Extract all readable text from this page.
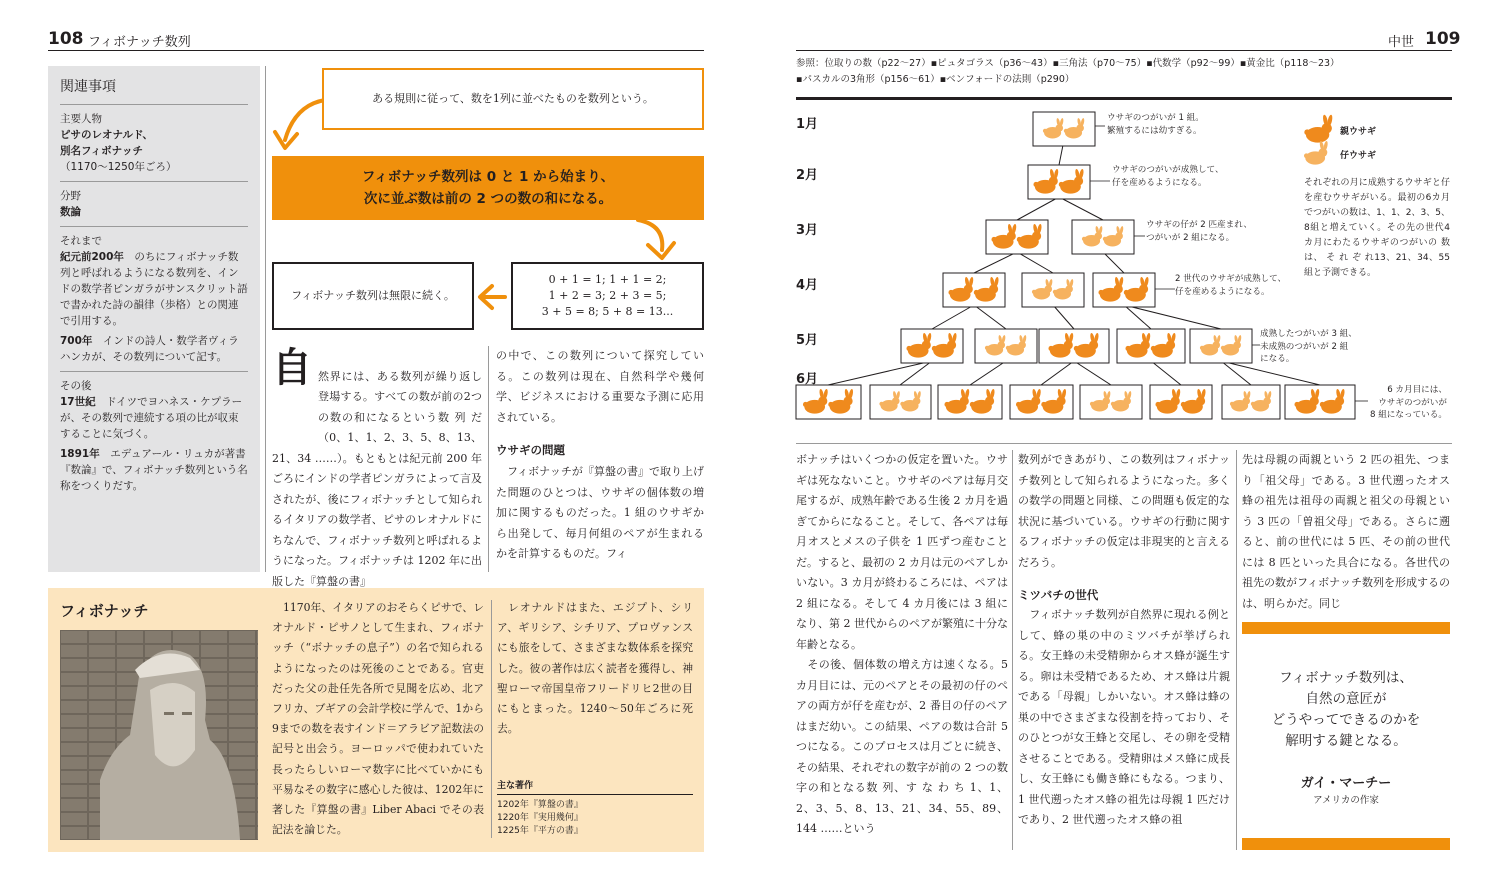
108 フィボナッチ数列
関連事項
主要人物
ピサのレオナルド、
別名フィボナッチ
（1170～1250年ごろ）
分野
数論
それまで
紀元前200年　のちにフィボナッチ数列と呼ばれるようになる数列を、インドの数学者ピンガラがサンスクリット語で書かれた詩の韻律（歩格）との関連で引用する。
700年　インドの詩人・数学者ヴィラハンカが、その数列について記す。
その後
17世紀　ドイツでヨハネス・ケプラーが、その数列で連続する項の比が収束することに気づく。
1891年　エデュアール・リュカが著書『数論』で、フィボナッチ数列という名称をつくりだす。
ある規則に従って、数を1列に並べたものを数列という。
フィボナッチ数列は 0 と 1 から始まり、
次に並ぶ数は前の 2 つの数の和になる。
0 + 1 = 1; 1 + 1 = 2;
1 + 2 = 3; 2 + 3 = 5;
3 + 5 = 8; 5 + 8 = 13...
フィボナッチ数列は無限に続く。
自 然界には、ある数列が繰り返し登場する。すべての数が前の2つの数の和になるという数 列 だ（0、1、1、2、3、5、8、13、21、34 ……）。もともとは紀元前 200 年ごろにインドの学者ピンガラによって言及されたが、後にフィボナッチとして知られるイタリアの数学者、ピサのレオナルドにちなんで、フィボナッチ数列と呼ばれるようになった。フィボナッチは 1202 年に出版した『算盤の書』

の中で、この数列について探究している。この数列は現在、自然科学や幾何学、ビジネスにおける重要な予測に応用されている。
ウサギの問題
フィボナッチが『算盤の書』で取り上げた問題のひとつは、ウサギの個体数の増加に関するものだった。1 組のウサギから出発して、毎月何組のペアが生まれるかを計算するものだ。フィ
フィボナッチ	1170年、イタリアのおそらくピサで、レオナルド・ピサノとして生まれ、フィボナッチ（“ボナッチの息子”）の名で知られるようになったのは死後のことである。官吏だった父の赴任先各所で見聞を広め、北アフリカ、ブギアの会計学校に学んで、1から9までの数を表すインド＝アラビア記数法の記号と出会う。ヨーロッパで使われていた長ったらしいローマ数字に比べていかにも平易なその数字に感心した彼は、1202年に著した『算盤の書』Liber Abaci でその表記法を論じた。
レオナルドはまた、エジプト、シリア、ギリシア、シチリア、プロヴァンスにも旅をして、さまざまな数体系を探究した。彼の著作は広く読者を獲得し、神聖ローマ帝国皇帝フリードリヒ2世の目にもとまった。1240～50年ごろに死去。
主な著作
1202年『算盤の書』
1220年『実用幾何』
1225年『平方の書』
中世 109
参照：位取りの数（p22～27）▪ピュタゴラス（p36～43）▪三角法（p70～75）▪代数学（p92～99）▪黄金比（p118～23）
▪パスカルの3角形（p156～61）▪ベンフォードの法則（p290）
1月
2月
3月
4月
5月
6月
ウサギのつがいが 1 組。
繁殖するには幼すぎる。
ウサギのつがいが成熟して、
仔を産めるようになる。
ウサギの仔が 2 匹産まれ、
つがいが 2 組になる。
2 世代のウサギが成熟して、
仔を産めるようになる。
成熟したつがいが 3 組、
未成熟のつがいが 2 組
になる。
6 カ月目には、
ウサギのつがいが
8 組になっている。
親ウサギ
仔ウサギ
それぞれの月に成熟するウサギと仔を産むウサギがいる。最初の6カ月でつがいの数は、1、1、2、3、5、8組と増えていく。その先の世代4カ月にわたるウサギのつがいの 数 は、 そ れ ぞ れ13、21、34、55組と予測できる。
ボナッチはいくつかの仮定を置いた。ウサギは死なないこと。ウサギのペアは毎月交尾するが、成熟年齢である生後 2 カ月を過ぎてからになること。そして、各ペアは毎月オスとメスの子供を 1 匹ずつ産むことだ。すると、最初の 2 カ月は元のペアしかいない。3 カ月が終わるころには、ペアは 2 組になる。そして 4 カ月後には 3 組になり、第 2 世代からのペアが繁殖に十分な年齢となる。
　その後、個体数の増え方は速くなる。5 カ月目には、元のペアとその最初の仔のペアの両方が仔を産むが、2 番目の仔のペアはまだ幼い。この結果、ペアの数は合計 5 つになる。このプロセスは月ごとに続き、その結果、それぞれの数字が前の 2 つの数字の和となる数 列、す な わ ち 1、1、2、3、5、8、13、21、34、55、89、144 ……という
数列ができあがり、この数列はフィボナッチ数列として知られるようになった。多くの数学の問題と同様、この問題も仮定的な状況に基づいている。ウサギの行動に関するフィボナッチの仮定は非現実的と言えるだろう。
ミツバチの世代
　フィボナッチ数列が自然界に現れる例として、蜂の巣の中のミツバチが挙げられる。女王蜂の未受精卵からオス蜂が誕生する。卵は未受精であるため、オス蜂は片親である「母親」しかいない。オス蜂は蜂の巣の中でさまざまな役割を持っており、そのひとつが女王蜂と交尾し、その卵を受精させることである。受精卵はメス蜂に成長し、女王蜂にも働き蜂にもなる。つまり、1 世代遡ったオス蜂の祖先は母親 1 匹だけであり、2 世代遡ったオス蜂の祖
先は母親の両親という 2 匹の祖先、つまり「祖父母」である。3 世代遡ったオス蜂の祖先は祖母の両親と祖父の母親という 3 匹の「曽祖父母」である。さらに遡ると、前の世代には 5 匹、その前の世代には 8 匹といった具合になる。各世代の祖先の数がフィボナッチ数列を形成するのは、明らかだ。同じ
フィボナッチ数列は、
自然の意匠が
どうやってできるのかを
解明する鍵となる。
ガイ・マーチー
アメリカの作家
